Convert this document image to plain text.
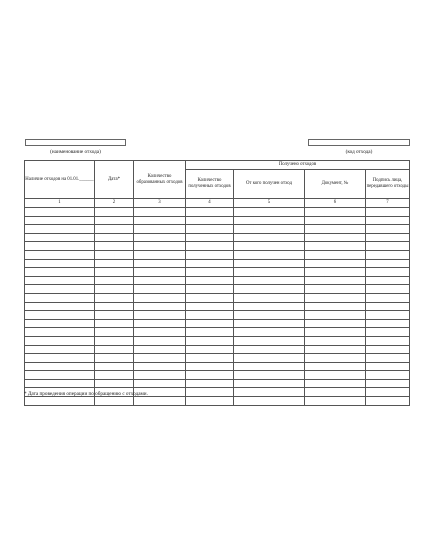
(наименование отхода)	(код отхода)
Наличие отходов на 01.01.______	Дата*	Количество образованных отходов	Получено отходов			
			Количество полученных отходов	От кого получен отход	Документ, №	Подпись лица, передавшего отходы
1	2	3	4	5	6	7

* Дата проведения операции по обращению с отходами.
